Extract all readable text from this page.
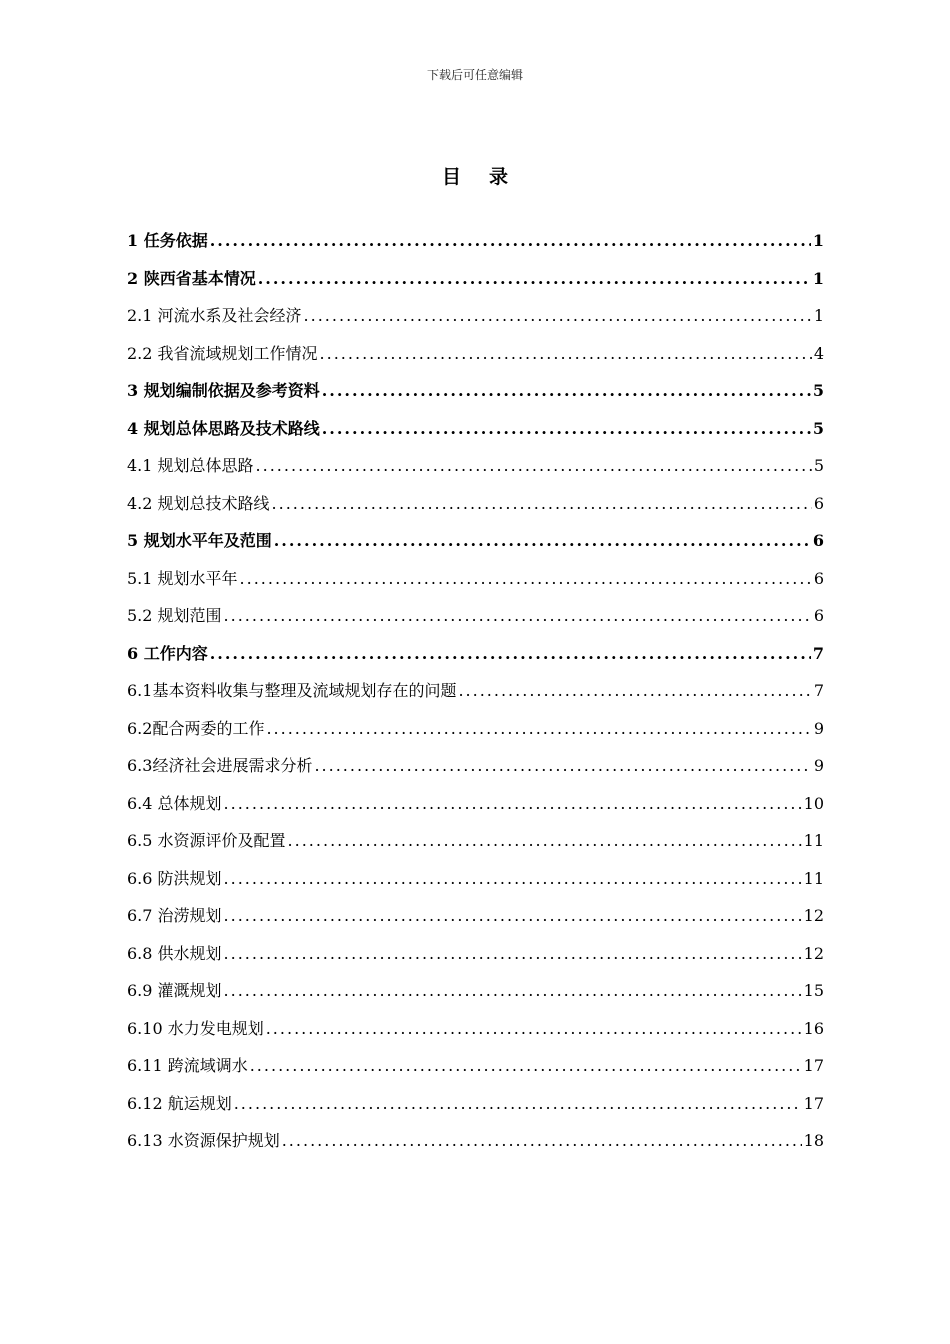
下载后可任意编辑
目录
1 任务依据 .....	1
2 陕西省基本情况 .....	1
2.1 河流水系及社会经济 .....	1
2.2 我省流域规划工作情况 .....	4
3 规划编制依据及参考资料 .....	5
4 规划总体思路及技术路线 .....	5
4.1 规划总体思路 .....	5
4.2 规划总技术路线 .....	6
5 规划水平年及范围 .....	6
5.1 规划水平年 .....	6
5.2 规划范围 .....	6
6 工作内容 .....	7
6.1基本资料收集与整理及流域规划存在的问题 .....	7
6.2配合两委的工作 .....	9
6.3经济社会进展需求分析 .....	9
6.4 总体规划 .....	10
6.5 水资源评价及配置 .....	11
6.6 防洪规划 .....	11
6.7 治涝规划 .....	12
6.8 供水规划 .....	12
6.9 灌溉规划 .....	15
6.10 水力发电规划 .....	16
6.11 跨流域调水 .....	17
6.12 航运规划 .....	17
6.13 水资源保护规划 .....	18
